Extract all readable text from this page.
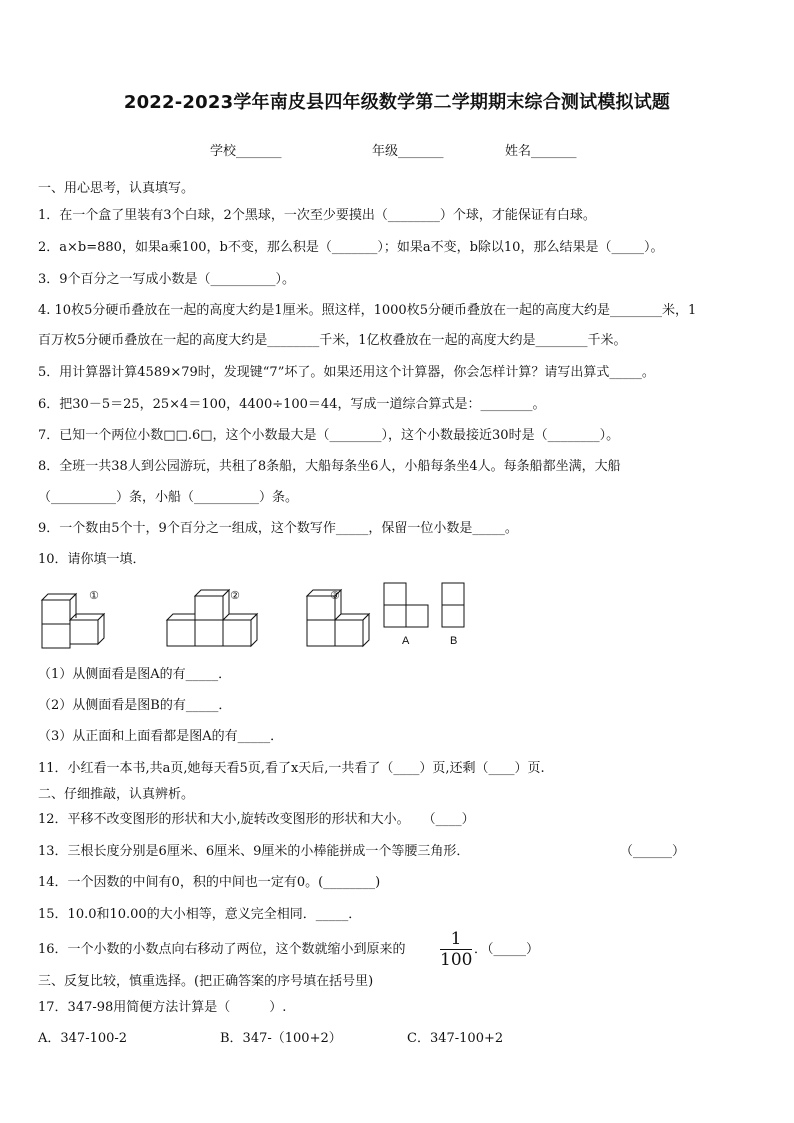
2022-2023学年南皮县四年级数学第二学期期末综合测试模拟试题
学校_______	年级_______	姓名_______
一、用心思考，认真填写。
1．在一个盒了里装有3个白球，2个黑球，一次至少要摸出（________）个球，才能保证有白球。
2．a×b=880，如果a乘100，b不变，那么积是（_______）；如果a不变，b除以10，那么结果是（_____）。
3．9个百分之一写成小数是（__________）。
4. 10枚5分硬币叠放在一起的高度大约是1厘米。照这样，1000枚5分硬币叠放在一起的高度大约是________米，1
百万枚5分硬币叠放在一起的高度大约是________千米，1亿枚叠放在一起的高度大约是________千米。
5．用计算器计算4589×79时，发现键“7”坏了。如果还用这个计算器，你会怎样计算？请写出算式_____。
6．把30－5＝25，25×4＝100，4400÷100＝44，写成一道综合算式是：________。
7．已知一个两位小数□□.6□，这个小数最大是（________），这个小数最接近30时是（________）。
8．全班一共38人到公园游玩，共租了8条船，大船每条坐6人，小船每条坐4人。每条船都坐满，大船
（__________）条，小船（__________）条。
9．一个数由5个十，9个百分之一组成，这个数写作_____，保留一位小数是_____。
10．请你填一填．
①	②	③
A	B
（1）从侧面看是图A的有_____．
（2）从侧面看是图B的有_____．
（3）从正面和上面看都是图A的有_____．
11．小红看一本书,共a页,她每天看5页,看了x天后,一共看了（____）页,还剩（____）页.
二、仔细推敲，认真辨析。
12．平移不改变图形的形状和大小,旋转改变图形的形状和大小。　　（____）
13．三根长度分别是6厘米、6厘米、9厘米的小棒能拼成一个等腰三角形．	（______）
14．一个因数的中间有0，积的中间也一定有0。(________)
15．10.0和10.00的大小相等，意义完全相同．_____．
16．一个小数的小数点向右移动了两位，这个数就缩小到原来的 $\frac{1}{100}$ ．（_____）
三、反复比较，慎重选择。(把正确答案的序号填在括号里)
17．347-98用简便方法计算是（　　　）.
A．347-100-2	B．347-（100+2）	C．347-100+2
